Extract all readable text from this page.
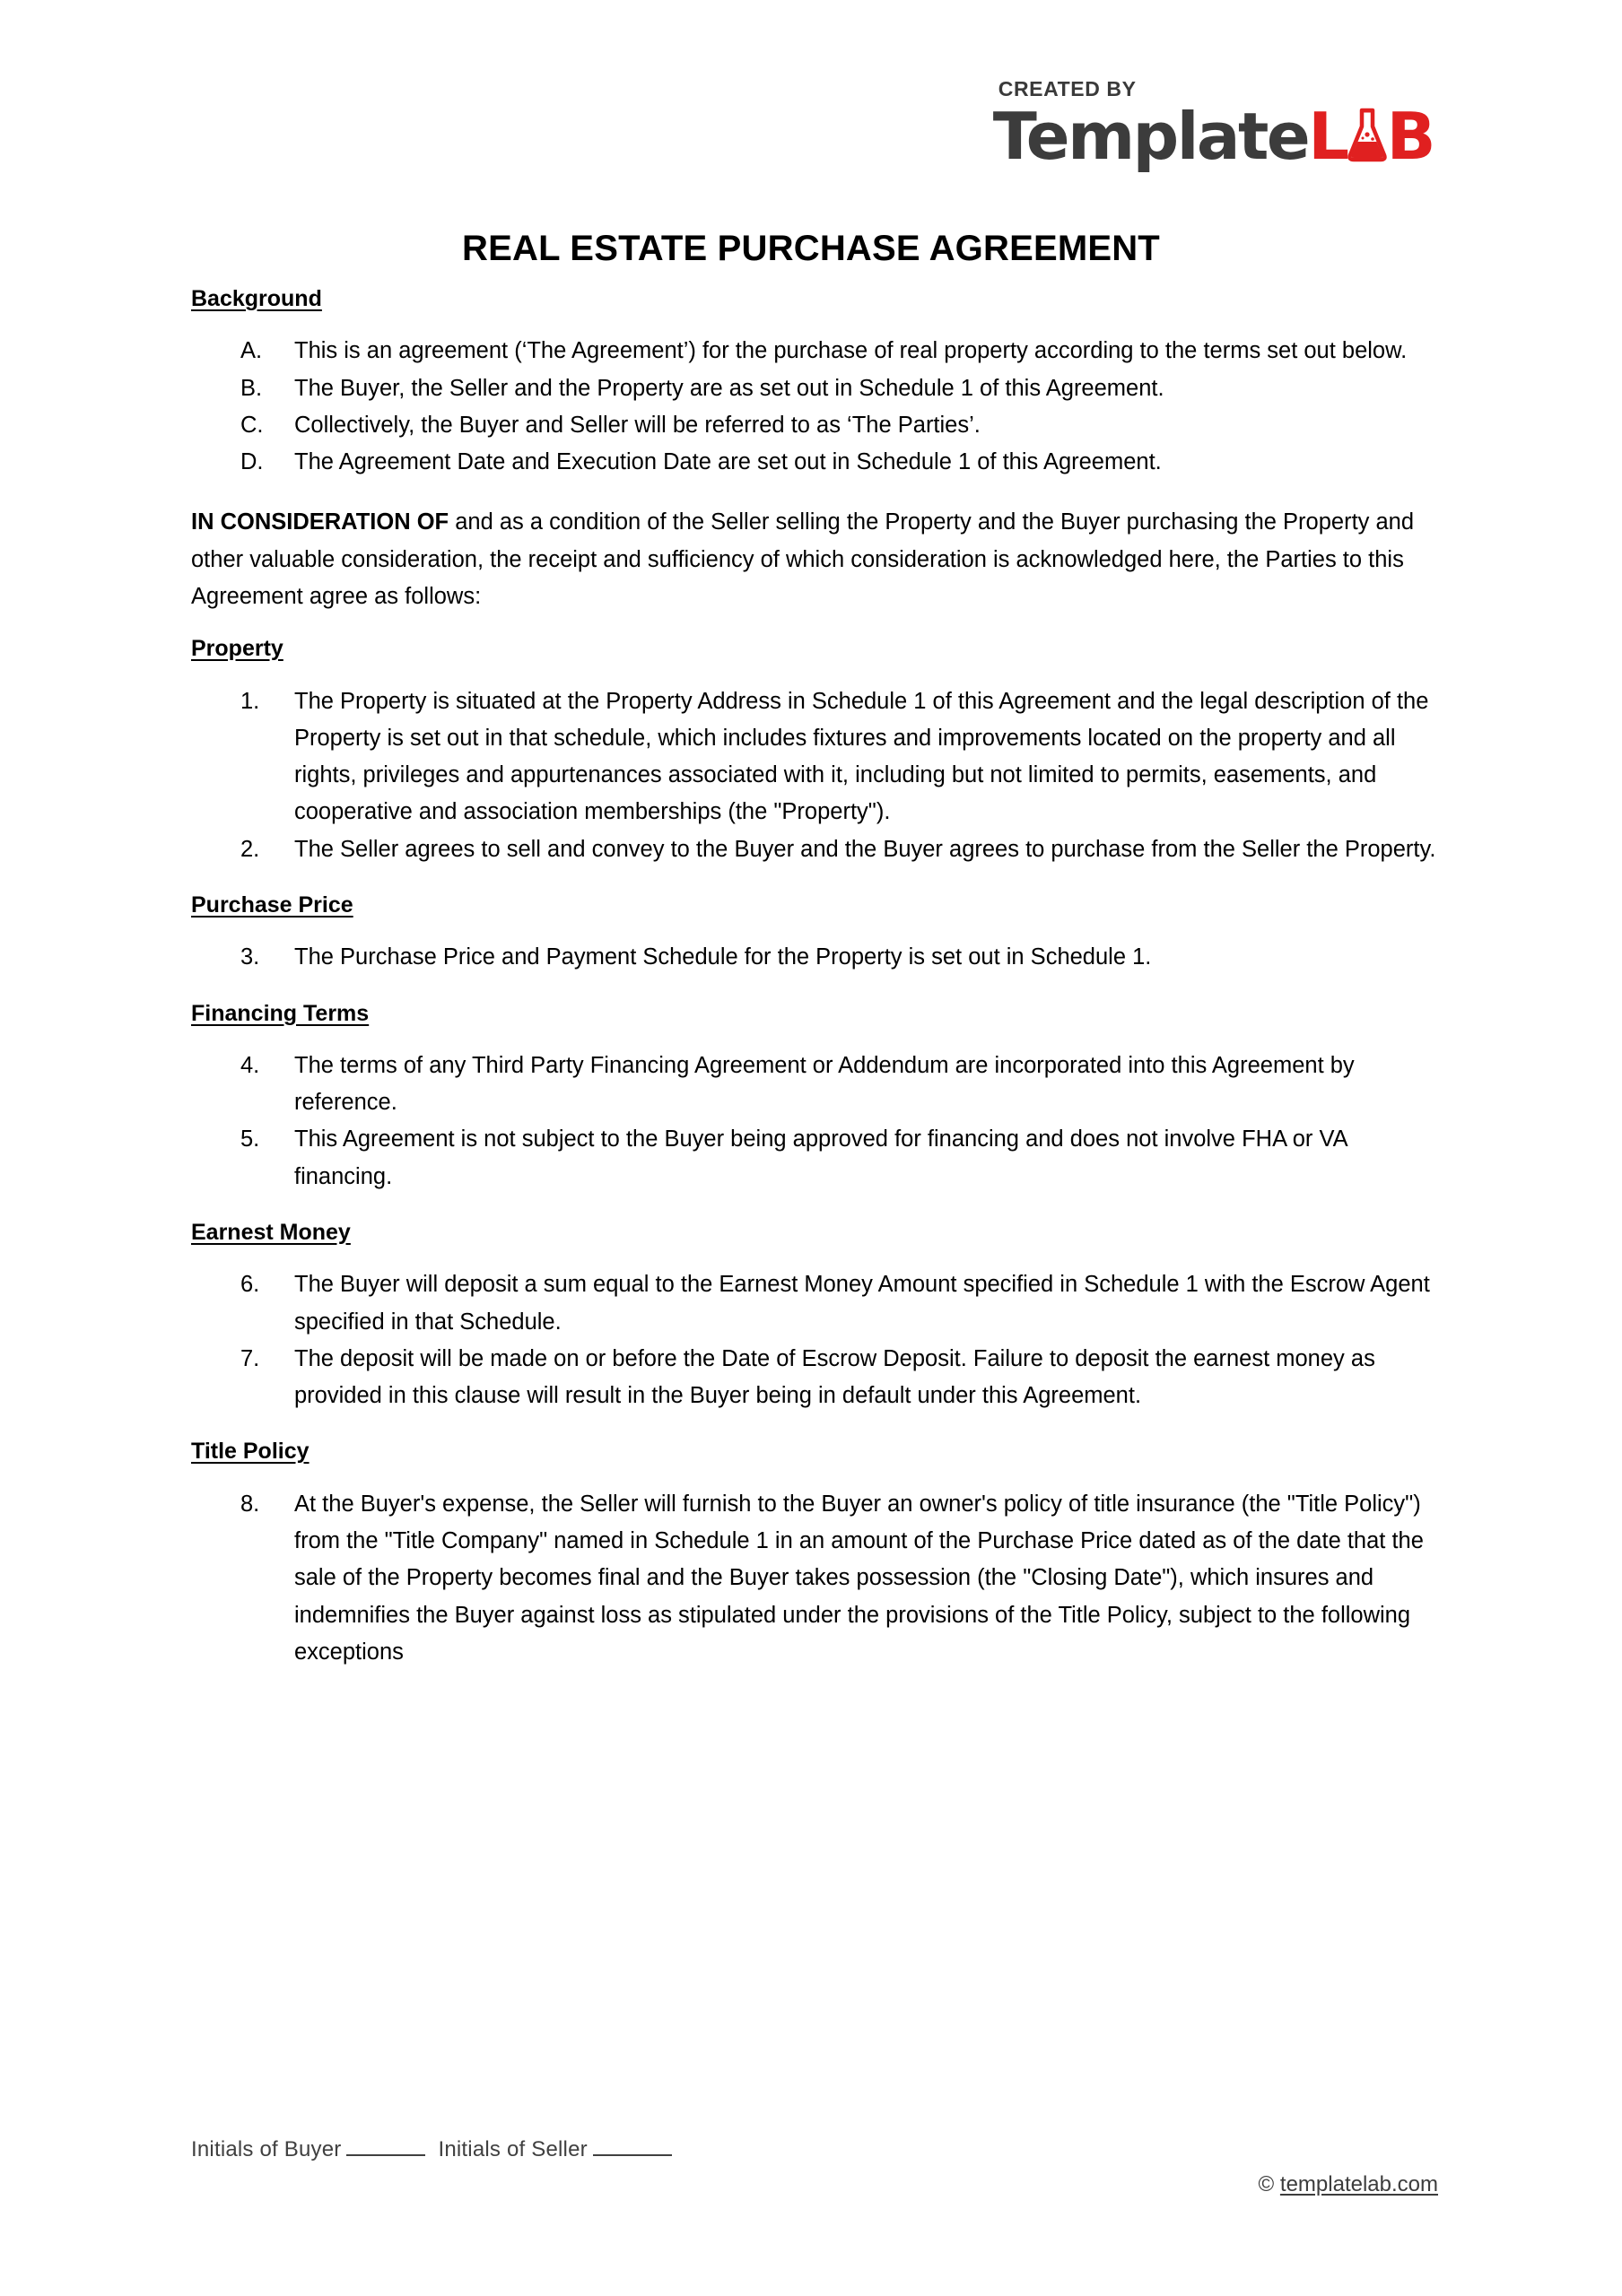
CREATED BY
Template L B
REAL ESTATE PURCHASE AGREEMENT
Background
A.	This is an agreement (‘The Agreement’) for the purchase of real property according to the terms set out below.
B.	The Buyer, the Seller and the Property are as set out in Schedule 1 of this Agreement.
C.	Collectively, the Buyer and Seller will be referred to as ‘The Parties’.
D.	The Agreement Date and Execution Date are set out in Schedule 1 of this Agreement.

IN CONSIDERATION OF and as a condition of the Seller selling the Property and the Buyer purchasing the Property and other valuable consideration, the receipt and sufficiency of which consideration is acknowledged here, the Parties to this Agreement agree as follows:

Property
1.	The Property is situated at the Property Address in Schedule 1 of this Agreement and the legal description of the Property is set out in that schedule, which includes fixtures and improvements located on the property and all rights, privileges and appurtenances associated with it, including but not limited to permits, easements, and cooperative and association memberships (the "Property").
2.	The Seller agrees to sell and convey to the Buyer and the Buyer agrees to purchase from the Seller the Property.
Purchase Price
3.	The Purchase Price and Payment Schedule for the Property is set out in Schedule 1.
Financing Terms
4.	The terms of any Third Party Financing Agreement or Addendum are incorporated into this Agreement by reference.
5.	This Agreement is not subject to the Buyer being approved for financing and does not involve FHA or VA financing.
Earnest Money
6.	The Buyer will deposit a sum equal to the Earnest Money Amount specified in Schedule 1 with the Escrow Agent specified in that Schedule.
7.	The deposit will be made on or before the Date of Escrow Deposit. Failure to deposit the earnest money as provided in this clause will result in the Buyer being in default under this Agreement.
Title Policy
8.	At the Buyer's expense, the Seller will furnish to the Buyer an owner's policy of title insurance (the "Title Policy") from the "Title Company" named in Schedule 1 in an amount of the Purchase Price dated as of the date that the sale of the Property becomes final and the Buyer takes possession (the "Closing Date"), which insures and indemnifies the Buyer against loss as stipulated under the provisions of the Title Policy, subject to the following exceptions
Initials of Buyer	Initials of Seller
© templatelab.com
